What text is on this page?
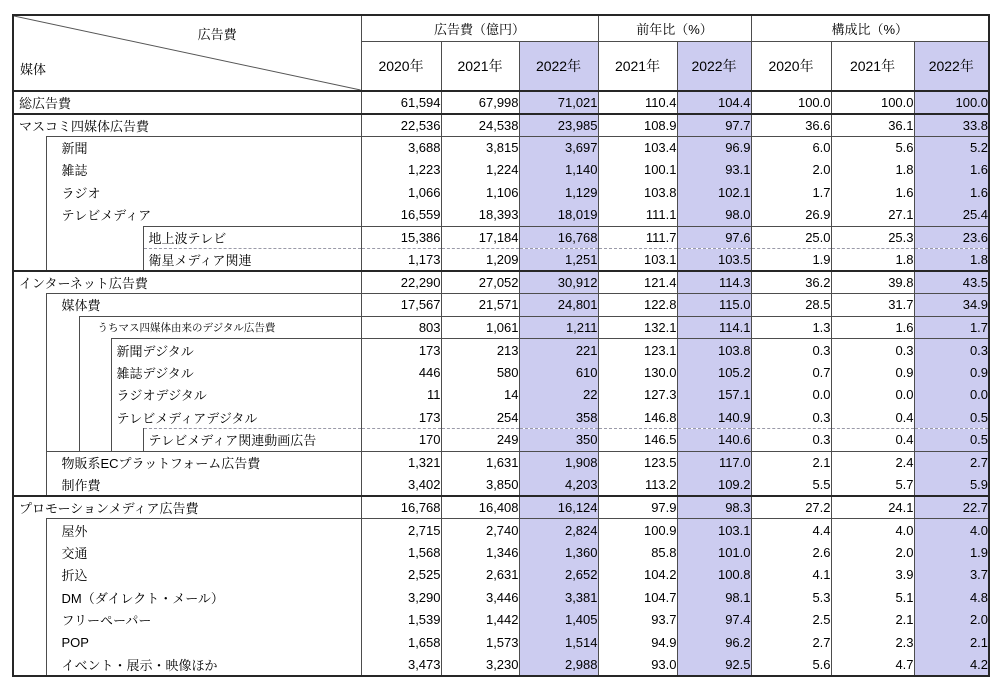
広告費
媒体					広告費（億円）			前年比（%）		構成比（%）		
					2020年	2021年	2022年	2021年	2022年	2020年	2021年	2022年
総広告費					61,594	67,998	71,021	110.4	104.4	100.0	100.0	100.0
マスコミ四媒体広告費					22,536	24,538	23,985	108.9	97.7	36.6	36.1	33.8
	新聞				3,688	3,815	3,697	103.4	96.9	6.0	5.6	5.2
	雑誌				1,223	1,224	1,140	100.1	93.1	2.0	1.8	1.6
	ラジオ				1,066	1,106	1,129	103.8	102.1	1.7	1.6	1.6
	テレビメディア				16,559	18,393	18,019	111.1	98.0	26.9	27.1	25.4
				地上波テレビ	15,386	17,184	16,768	111.7	97.6	25.0	25.3	23.6
				衛星メディア関連	1,173	1,209	1,251	103.1	103.5	1.9	1.8	1.8
インターネット広告費					22,290	27,052	30,912	121.4	114.3	36.2	39.8	43.5
	媒体費				17,567	21,571	24,801	122.8	115.0	28.5	31.7	34.9
		うちマス四媒体由来のデジタル広告費			803	1,061	1,211	132.1	114.1	1.3	1.6	1.7
			新聞デジタル		173	213	221	123.1	103.8	0.3	0.3	0.3
			雑誌デジタル		446	580	610	130.0	105.2	0.7	0.9	0.9
			ラジオデジタル		11	14	22	127.3	157.1	0.0	0.0	0.0
			テレビメディアデジタル		173	254	358	146.8	140.9	0.3	0.4	0.5
				テレビメディア関連動画広告	170	249	350	146.5	140.6	0.3	0.4	0.5
	物販系ECプラットフォーム広告費				1,321	1,631	1,908	123.5	117.0	2.1	2.4	2.7
	制作費				3,402	3,850	4,203	113.2	109.2	5.5	5.7	5.9
プロモーションメディア広告費					16,768	16,408	16,124	97.9	98.3	27.2	24.1	22.7
	屋外				2,715	2,740	2,824	100.9	103.1	4.4	4.0	4.0
	交通				1,568	1,346	1,360	85.8	101.0	2.6	2.0	1.9
	折込				2,525	2,631	2,652	104.2	100.8	4.1	3.9	3.7
	DM（ダイレクト・メール）				3,290	3,446	3,381	104.7	98.1	5.3	5.1	4.8
	フリーペーパー				1,539	1,442	1,405	93.7	97.4	2.5	2.1	2.0
	POP				1,658	1,573	1,514	94.9	96.2	2.7	2.3	2.1
	イベント・展示・映像ほか				3,473	3,230	2,988	93.0	92.5	5.6	4.7	4.2
